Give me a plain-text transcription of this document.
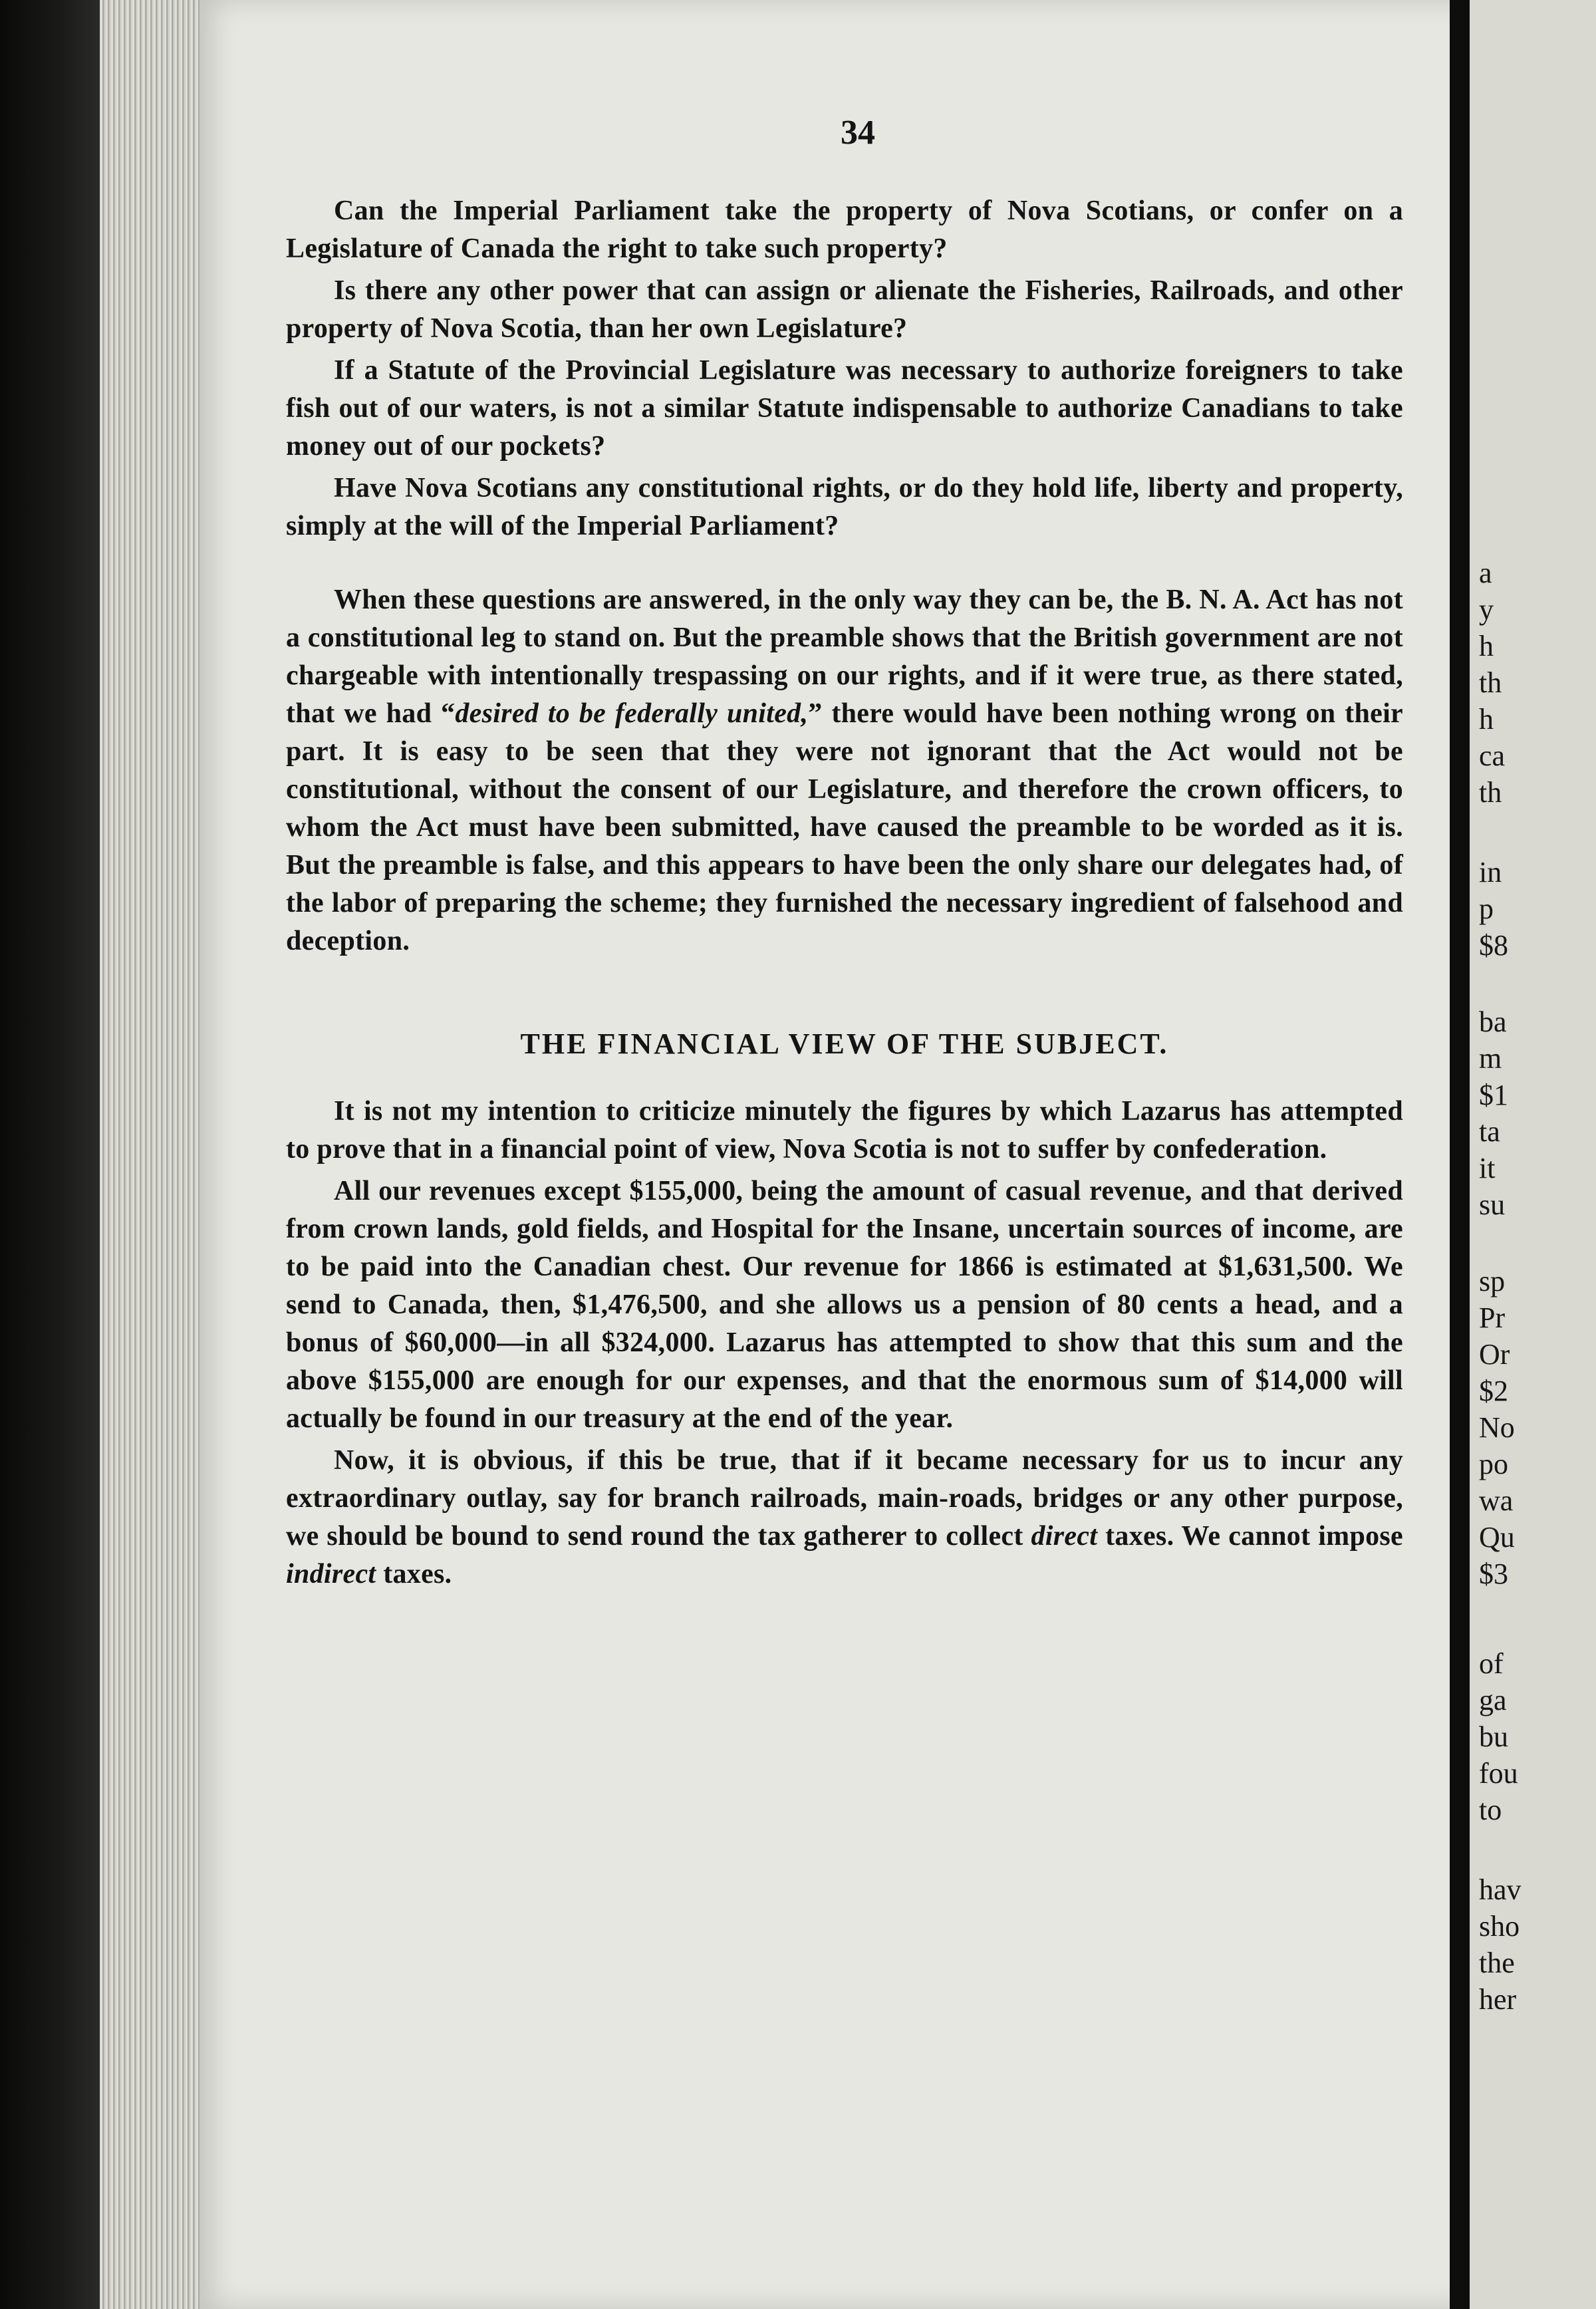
a
y
h
th
h
ca
th
in
p
$8
ba
m
$1
ta
it
su
sp
Pr
Or
$2
No
po
wa
Qu
$3
of
ga
bu
fou
to
hav
sho
the
her
34

Can the Imperial Parliament take the property of Nova Scotians, or confer on a Legislature of Canada the right to take such property?

Is there any other power that can assign or alienate the Fisheries, Railroads, and other property of Nova Scotia, than her own Legislature?

If a Statute of the Provincial Legislature was necessary to authorize foreigners to take fish out of our waters, is not a similar Statute indispensable to authorize Canadians to take money out of our pockets?

Have Nova Scotians any constitutional rights, or do they hold life, liberty and property, simply at the will of the Imperial Parliament?

When these questions are answered, in the only way they can be, the B. N. A. Act has not a constitutional leg to stand on. But the preamble shows that the British government are not chargeable with intentionally trespassing on our rights, and if it were true, as there stated, that we had “desired to be federally united,” there would have been nothing wrong on their part. It is easy to be seen that they were not ignorant that the Act would not be constitutional, without the consent of our Legislature, and therefore the crown officers, to whom the Act must have been submitted, have caused the preamble to be worded as it is. But the preamble is false, and this appears to have been the only share our delegates had, of the labor of preparing the scheme; they furnished the necessary ingredient of falsehood and deception.

THE FINANCIAL VIEW OF THE SUBJECT.

It is not my intention to criticize minutely the figures by which Lazarus has attempted to prove that in a financial point of view, Nova Scotia is not to suffer by confederation.

All our revenues except $155,000, being the amount of casual revenue, and that derived from crown lands, gold fields, and Hospital for the Insane, uncertain sources of income, are to be paid into the Canadian chest. Our revenue for 1866 is estimated at $1,631,500. We send to Canada, then, $1,476,500, and she allows us a pension of 80 cents a head, and a bonus of $60,000—in all $324,000. Lazarus has attempted to show that this sum and the above $155,000 are enough for our expenses, and that the enormous sum of $14,000 will actually be found in our treasury at the end of the year.

Now, it is obvious, if this be true, that if it became necessary for us to incur any extraordinary outlay, say for branch railroads, main-roads, bridges or any other purpose, we should be bound to send round the tax gatherer to collect direct taxes. We cannot impose indirect taxes.
